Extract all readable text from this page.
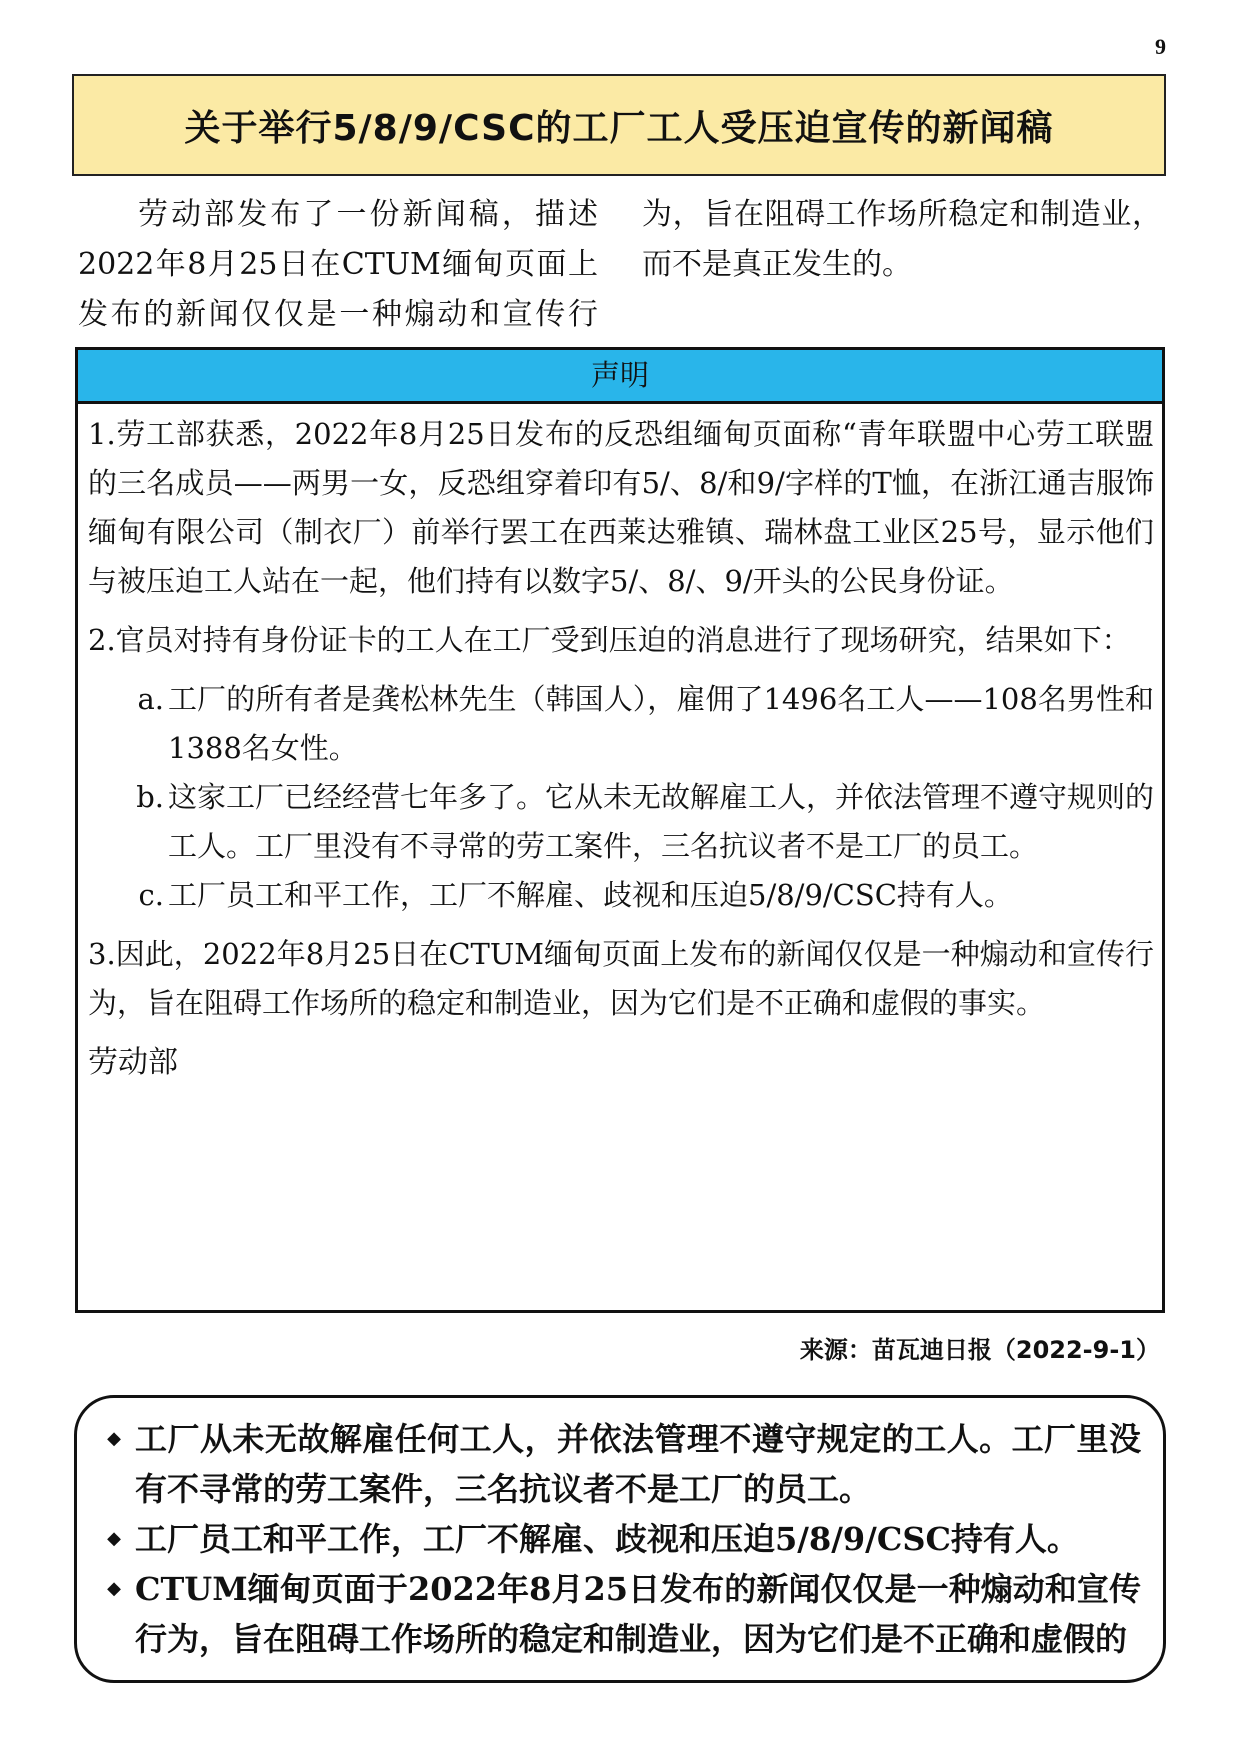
9
关于举行5/8/9/CSC的工厂工人受压迫宣传的新闻稿

劳动部发布了一份新闻稿，描述2022年8月25日在CTUM缅甸页面上发布的新闻仅仅是一种煽动和宣传行为，旨在阻碍工作场所稳定和制造业，而不是真正发生的。

声明

1.劳工部获悉，2022年8月25日发布的反恐组缅甸页面称“青年联盟中心劳工联盟的三名成员——两男一女，反恐组穿着印有5/、8/和9/字样的T恤，在浙江通吉服饰缅甸有限公司（制衣厂）前举行罢工在西莱达雅镇、瑞林盘工业区25号，显示他们与被压迫工人站在一起，他们持有以数字5/、8/、9/开头的公民身份证。

2.官员对持有身份证卡的工人在工厂受到压迫的消息进行了现场研究，结果如下：

a. 工厂的所有者是龚松林先生（韩国人），雇佣了1496名工人——108名男性和1388名女性。
b. 这家工厂已经经营七年多了。它从未无故解雇工人，并依法管理不遵守规则的工人。工厂里没有不寻常的劳工案件，三名抗议者不是工厂的员工。
c. 工厂员工和平工作，工厂不解雇、歧视和压迫5/8/9/CSC持有人。

3.因此，2022年8月25日在CTUM缅甸页面上发布的新闻仅仅是一种煽动和宣传行为，旨在阻碍工作场所的稳定和制造业，因为它们是不正确和虚假的事实。

劳动部

来源：苗瓦迪日报（2022-9-1）
◆ 工厂从未无故解雇任何工人，并依法管理不遵守规定的工人。工厂里没有不寻常的劳工案件，三名抗议者不是工厂的员工。
◆ 工厂员工和平工作，工厂不解雇、歧视和压迫5/8/9/CSC持有人。
◆ CTUM缅甸页面于2022年8月25日发布的新闻仅仅是一种煽动和宣传行为，旨在阻碍工作场所的稳定和制造业，因为它们是不正确和虚假的
